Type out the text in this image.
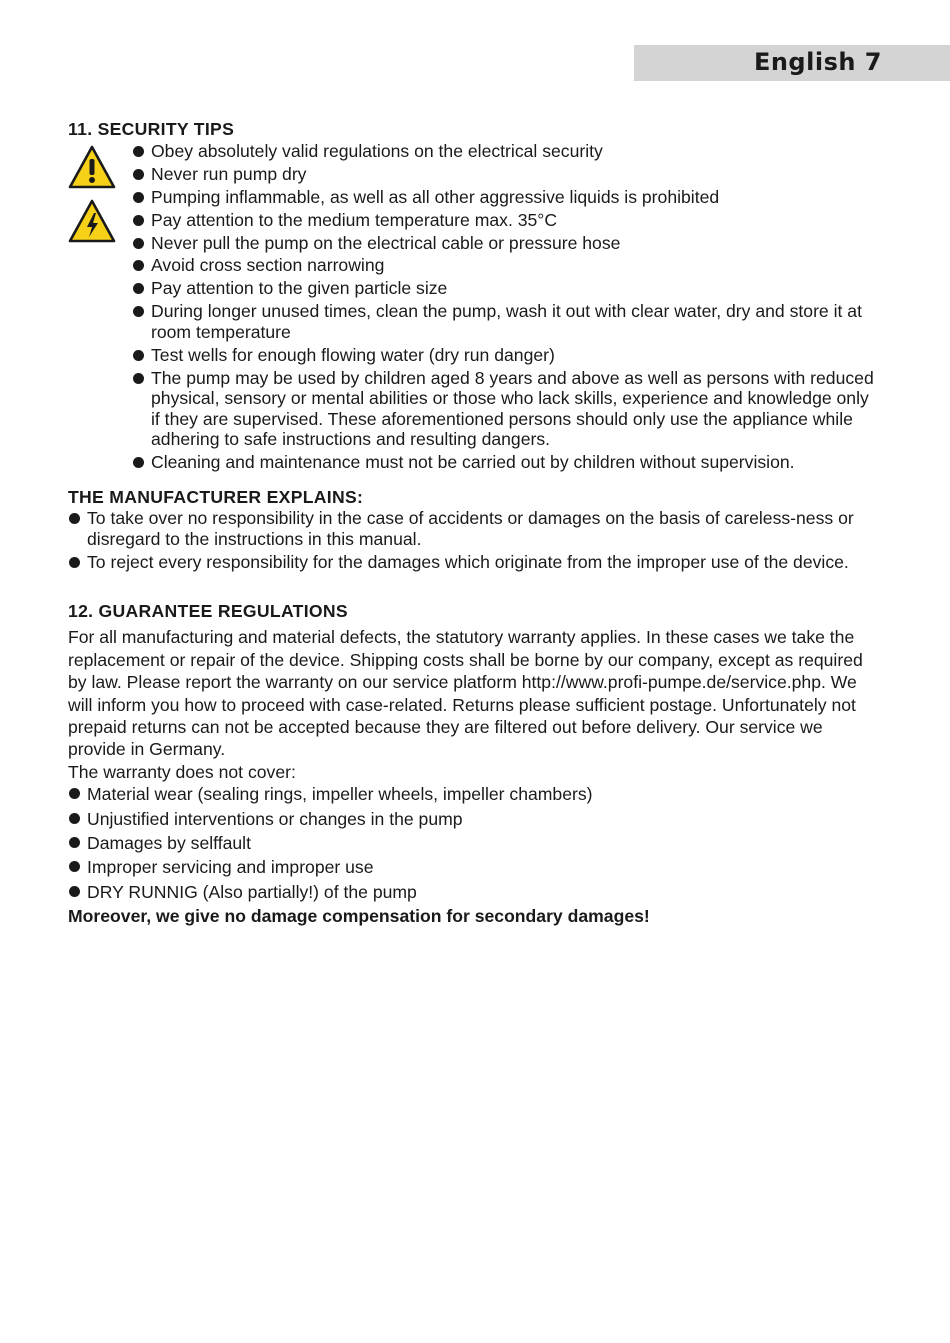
English 7
11. SECURITY TIPS
Obey absolutely valid regulations on the electrical security
Never run pump dry
Pumping inflammable, as well as all other aggressive liquids is prohibited
Pay attention to the medium temperature max. 35°C
Never pull the pump on the electrical cable or pressure hose
Avoid cross section narrowing
Pay attention to the given particle size
During longer unused times, clean the pump, wash it out with clear water, dry and store it at room temperature
Test wells for enough flowing water (dry run danger)
The pump may be used by children aged 8 years and above as well as persons with reduced physical, sensory or mental abilities or those who lack skills, experience and knowledge only if they are supervised. These aforementioned persons should only use the appliance while adhering to safe instructions and resulting dangers.
Cleaning and maintenance must not be carried out by children without supervision.
THE MANUFACTURER EXPLAINS:
To take over no responsibility in the case of accidents or damages on the basis of careless-ness or disregard to the instructions in this manual.
To reject every responsibility for the damages which originate from the improper use of the device.
12. GUARANTEE REGULATIONS

For all manufacturing and material defects, the statutory warranty applies. In these cases we take the replacement or repair of the device. Shipping costs shall be borne by our company, except as required by law. Please report the warranty on our service platform http://www.profi-pumpe.de/service.php. We will inform you how to proceed with case-related. Returns please sufficient postage. Unfortunately not prepaid returns can not be accepted because they are filtered out before delivery. Our service we provide in Germany.

The warranty does not cover:

Material wear (sealing rings, impeller wheels, impeller chambers)
Unjustified interventions or changes in the pump
Damages by selffault
Improper servicing and improper use
DRY RUNNIG (Also partially!) of the pump

Moreover, we give no damage compensation for secondary damages!
